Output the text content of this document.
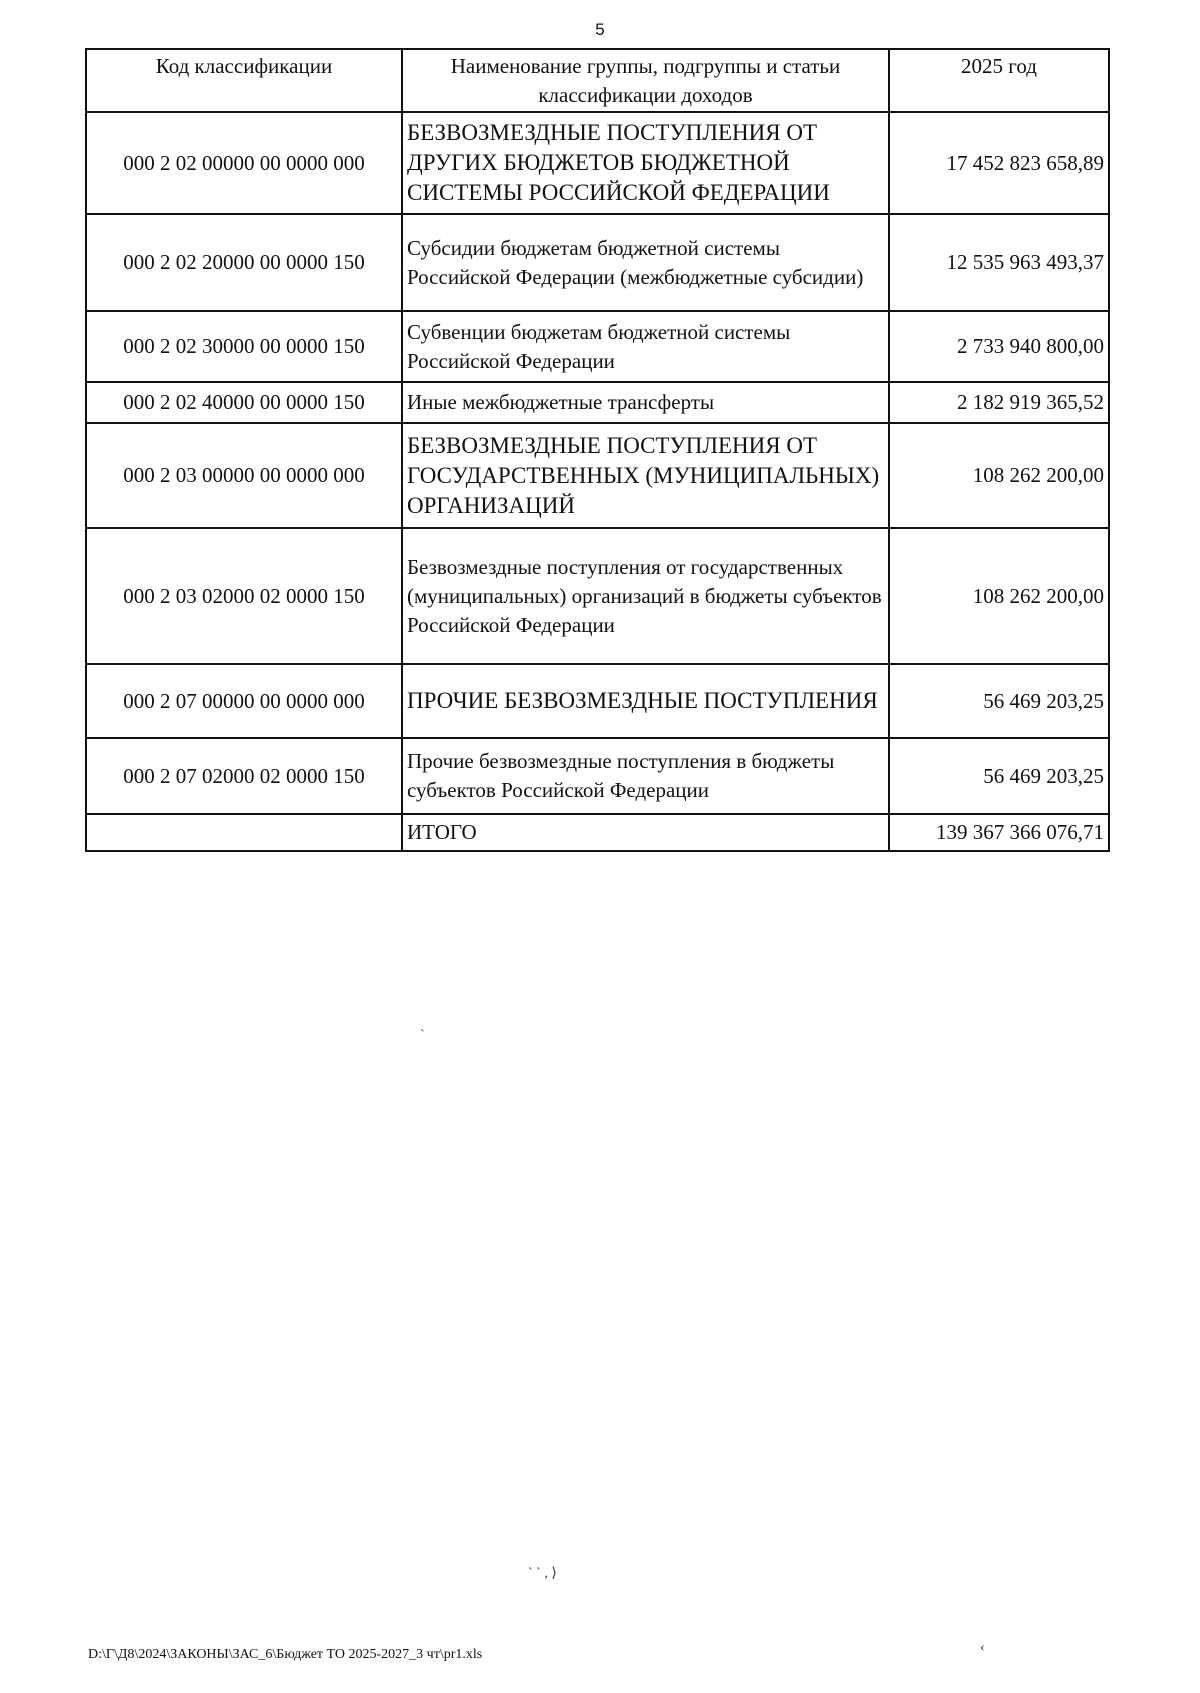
5
Код классификации	Наименование группы, подгруппы и статьи классификации доходов	2025 год
000 2 02 00000 00 0000 000	БЕЗВОЗМЕЗДНЫЕ ПОСТУПЛЕНИЯ ОТ ДРУГИХ БЮДЖЕТОВ БЮДЖЕТНОЙ СИСТЕМЫ РОССИЙСКОЙ ФЕДЕРАЦИИ	17 452 823 658,89
000 2 02 20000 00 0000 150	Субсидии бюджетам бюджетной системы Российской Федерации (межбюджетные субсидии)	12 535 963 493,37
000 2 02 30000 00 0000 150	Субвенции бюджетам бюджетной системы Российской Федерации	2 733 940 800,00
000 2 02 40000 00 0000 150	Иные межбюджетные трансферты	2 182 919 365,52
000 2 03 00000 00 0000 000	БЕЗВОЗМЕЗДНЫЕ ПОСТУПЛЕНИЯ ОТ ГОСУДАРСТВЕННЫХ (МУНИЦИПАЛЬНЫХ) ОРГАНИЗАЦИЙ	108 262 200,00
000 2 03 02000 02 0000 150	Безвозмездные поступления от государственных (муниципальных) организаций в бюджеты субъектов Российской Федерации	108 262 200,00
000 2 07 00000 00 0000 000	ПРОЧИЕ БЕЗВОЗМЕЗДНЫЕ ПОСТУПЛЕНИЯ	56 469 203,25
000 2 07 02000 02 0000 150	Прочие безвозмездные поступления в бюджеты субъектов Российской Федерации	56 469 203,25
	ИТОГО	139 367 366 076,71
`
` ` , ⟩
‹
D:\Г\Д8\2024\ЗАКОНЫ\ЗАС_6\Бюджет ТО 2025-2027_3 чт\pr1.xls
